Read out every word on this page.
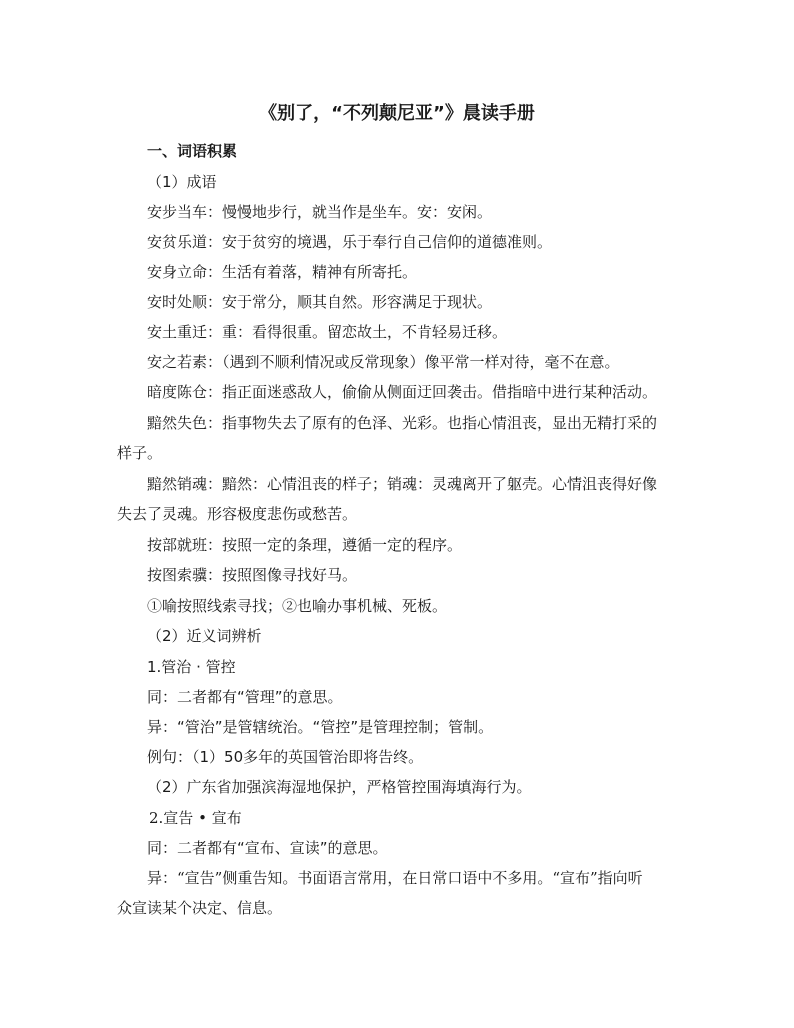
《别了，“不列颠尼亚”》晨读手册
一、词语积累
（1）成语
安步当车：慢慢地步行，就当作是坐车。安：安闲。
安贫乐道：安于贫穷的境遇，乐于奉行自己信仰的道德准则。
安身立命：生活有着落，精神有所寄托。
安时处顺：安于常分，顺其自然。形容满足于现状。
安土重迁：重：看得很重。留恋故土，不肯轻易迁移。
安之若素：（遇到不顺利情况或反常现象）像平常一样对待，毫不在意。
暗度陈仓：指正面迷惑敌人，偷偷从侧面迂回袭击。借指暗中进行某种活动。
黯然失色：指事物失去了原有的色泽、光彩。也指心情沮丧，显出无精打采的
样子。
黯然销魂：黯然：心情沮丧的样子；销魂：灵魂离开了躯壳。心情沮丧得好像
失去了灵魂。形容极度悲伤或愁苦。
按部就班：按照一定的条理，遵循一定的程序。
按图索骥：按照图像寻找好马。
①喻按照线索寻找；②也喻办事机械、死板。
（2）近义词辨析
1.管治 · 管控
同：二者都有“管理”的意思。
异：“管治”是管辖统治。“管控”是管理控制；管制。
例句：（1）50多年的英国管治即将告终。
（2）广东省加强滨海湿地保护，严格管控围海填海行为。
2.宣告 • 宣布
同：二者都有“宣布、宣读”的意思。
异：“宣告”侧重告知。书面语言常用，在日常口语中不多用。“宣布”指向听
众宣读某个决定、信息。
